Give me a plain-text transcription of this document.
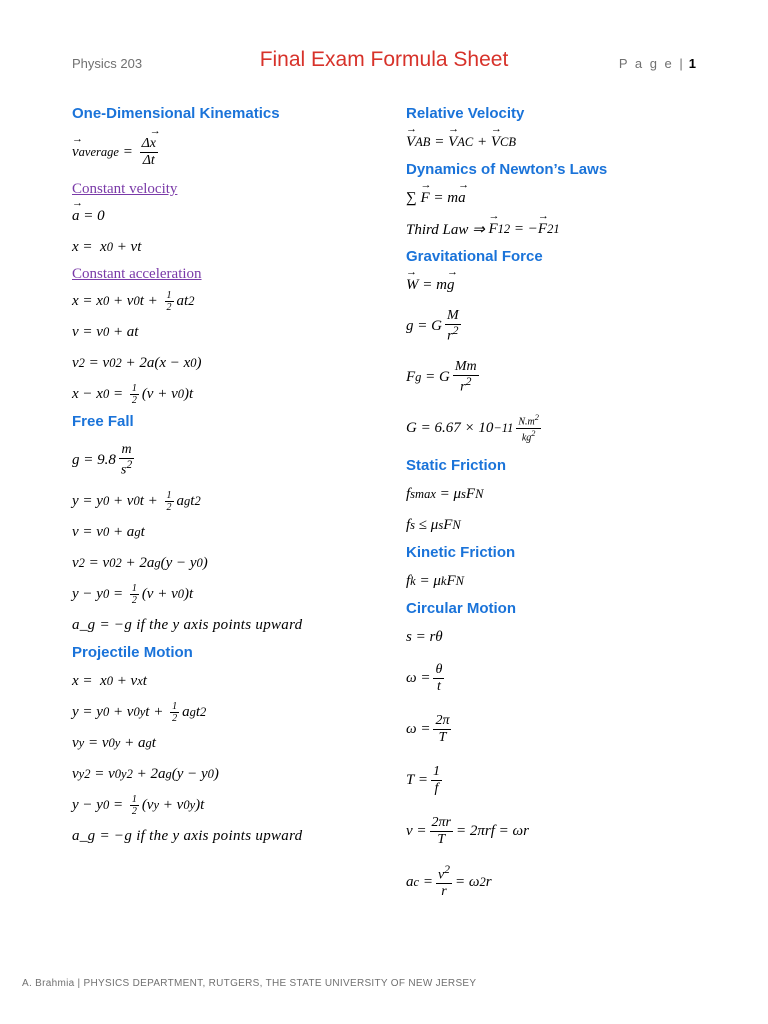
Physics 203	Final Exam Formula Sheet	P a g e | 1
One-Dimensional Kinematics
→ v average = $\frac{\Delta\to x}{\Delta t}$
Constant velocity
→ a = 0
x =  x 0 + vt
Constant acceleration
x = x 0 + v 0 $t + \frac{1}{2}$ at 2
v = v 0 + at
v 2 = v 0 2 + 2a(x − x 0 )
x − x $0 = \frac{1}{2} (v + v$ 0 )t
Free Fall
$g = 9.8 \frac{m}{s^2}$
y = y 0 + v 0 $t + \frac{1}{2}$ a g t 2
v = v 0 + a g t
v 2 = v 0 2 + 2a g (y − y 0 )
y − y $0 = \frac{1}{2} (v + v$ 0 )t
a_g = −g if the y axis points upward
Projectile Motion
x =  x 0 + v x t
y = y 0 + v 0y $t + \frac{1}{2}$ a g t 2
v y = v 0y + a g t
v y 2 = v 0y 2 + 2a g (y − y 0 )
y − y $0 = \frac{1}{2} (v$ y + v 0y )t
a_g = −g if the y axis points upward
Relative Velocity
→ V AB = → V AC + → V CB
Dynamics of Newton’s Laws
∑ → F = m → a
Third Law ⇒
→ F 12 = − → F 21
Gravitational Force
→ W = m → g
g = G $\frac{M}{r^2}$
F g = G $\frac{Mm}{r^2}$
$G = 6.67 \times 10 -11 \frac{N.m^2}{kg^2}$
Static Friction
f s max = μ s F N
f s ≤ μ s F N
Kinetic Friction
f k = μ k F N
Circular Motion
s = rθ
$\omega = \frac{\theta}{t}$
$\omega = \frac{2\pi}{T}$
$T = \frac{1}{f}$
$v = \frac{2\pi r}{T} = 2\pi rf = \omega r$
a $c = \frac{v^2}{r} = \omega$ 2 r
A. Brahmia | PHYSICS DEPARTMENT, RUTGERS, THE STATE UNIVERSITY OF NEW JERSEY
